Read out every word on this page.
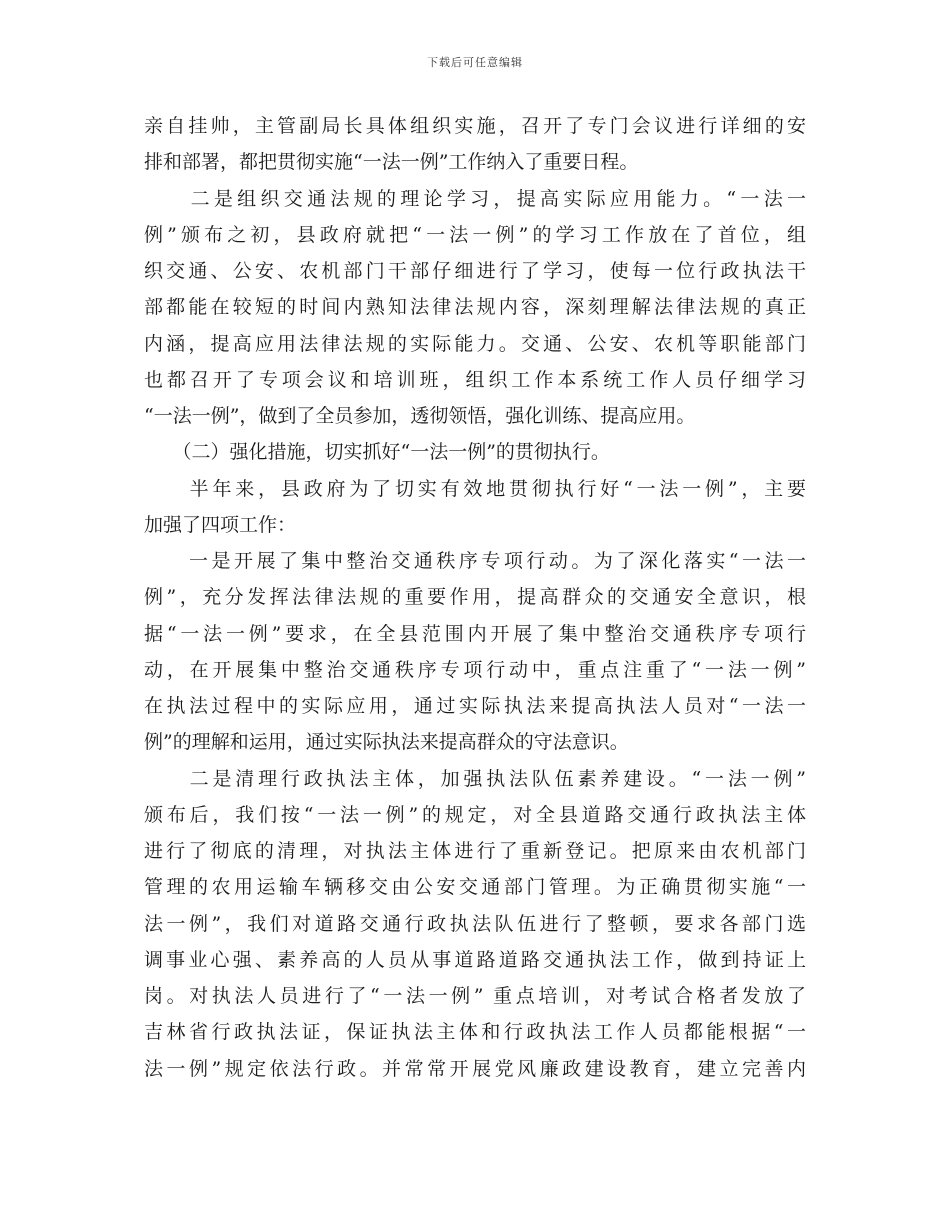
下载后可任意编辑
亲自挂帅，主管副局长具体组织实施，召开了专门会议进行详细的安
排和部署，都把贯彻实施“一法一例”工作纳入了重要日程。
　　二是组织交通法规的理论学习，提高实际应用能力。“一法一
例”颁布之初，县政府就把“一法一例”的学习工作放在了首位，组
织交通、公安、农机部门干部仔细进行了学习，使每一位行政执法干
部都能在较短的时间内熟知法律法规内容，深刻理解法律法规的真正
内涵，提高应用法律法规的实际能力。交通、公安、农机等职能部门
也都召开了专项会议和培训班，组织工作本系统工作人员仔细学习
“一法一例”，做到了全员参加，透彻领悟，强化训练、提高应用。
　　（二）强化措施，切实抓好“一法一例”的贯彻执行。
　　半年来，县政府为了切实有效地贯彻执行好“一法一例”，主要
加强了四项工作：
　　一是开展了集中整治交通秩序专项行动。为了深化落实“一法一
例”，充分发挥法律法规的重要作用，提高群众的交通安全意识，根
据“一法一例”要求，在全县范围内开展了集中整治交通秩序专项行
动，在开展集中整治交通秩序专项行动中，重点注重了“一法一例”
在执法过程中的实际应用，通过实际执法来提高执法人员对“一法一
例”的理解和运用，通过实际执法来提高群众的守法意识。
　　二是清理行政执法主体，加强执法队伍素养建设。“一法一例”
颁布后，我们按“一法一例”的规定，对全县道路交通行政执法主体
进行了彻底的清理，对执法主体进行了重新登记。把原来由农机部门
管理的农用运输车辆移交由公安交通部门管理。为正确贯彻实施“一
法一例”，我们对道路交通行政执法队伍进行了整顿，要求各部门选
调事业心强、素养高的人员从事道路道路交通执法工作，做到持证上
岗。对执法人员进行了“一法一例” 重点培训，对考试合格者发放了
吉林省行政执法证，保证执法主体和行政执法工作人员都能根据“一
法一例”规定依法行政。并常常开展党风廉政建设教育，建立完善内
